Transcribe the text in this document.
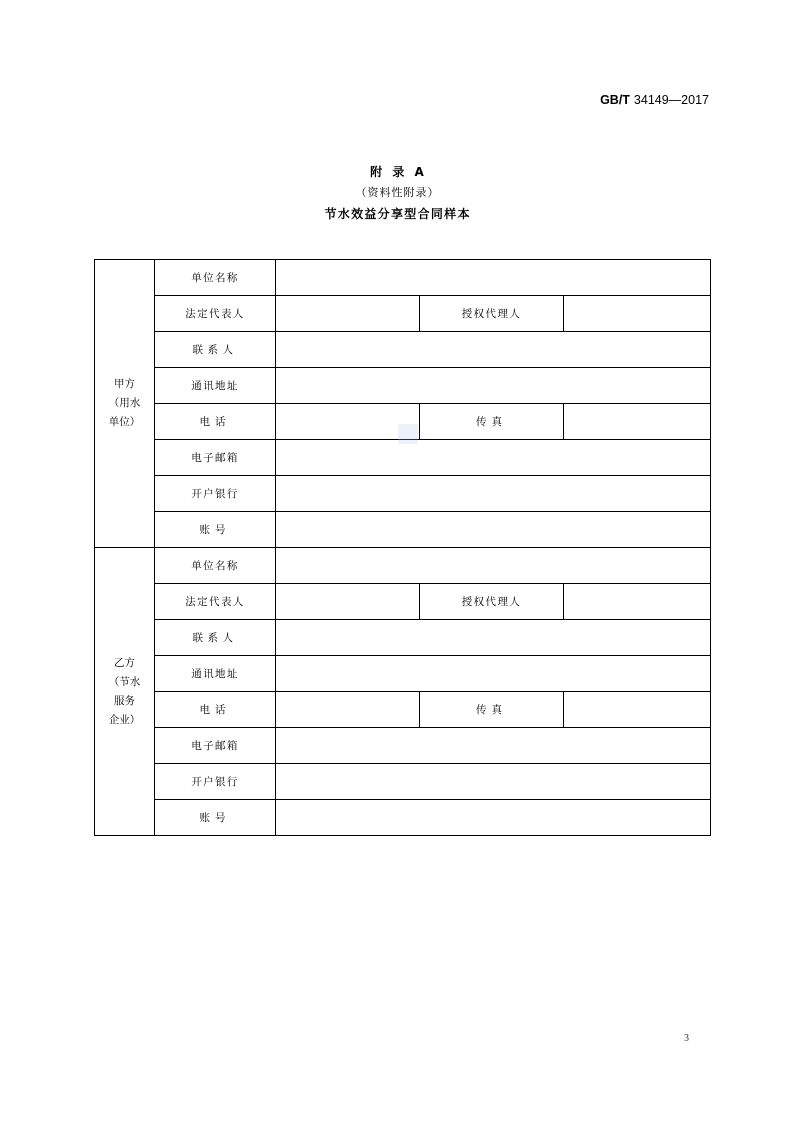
GB/T 34149—2017
附 录 A
（资料性附录）
节水效益分享型合同样本
甲方
（用水
单位）	单位名称			
	法定代表人		授权代理人	
	联系人			
	通讯地址			
	电话		传真	
	电子邮箱			
	开户银行			
	账号			

乙方
（节水
服务
企业）	单位名称			
	法定代表人		授权代理人	
	联系人			
	通讯地址			
	电话		传真	
	电子邮箱			
	开户银行			
	账号			
3
